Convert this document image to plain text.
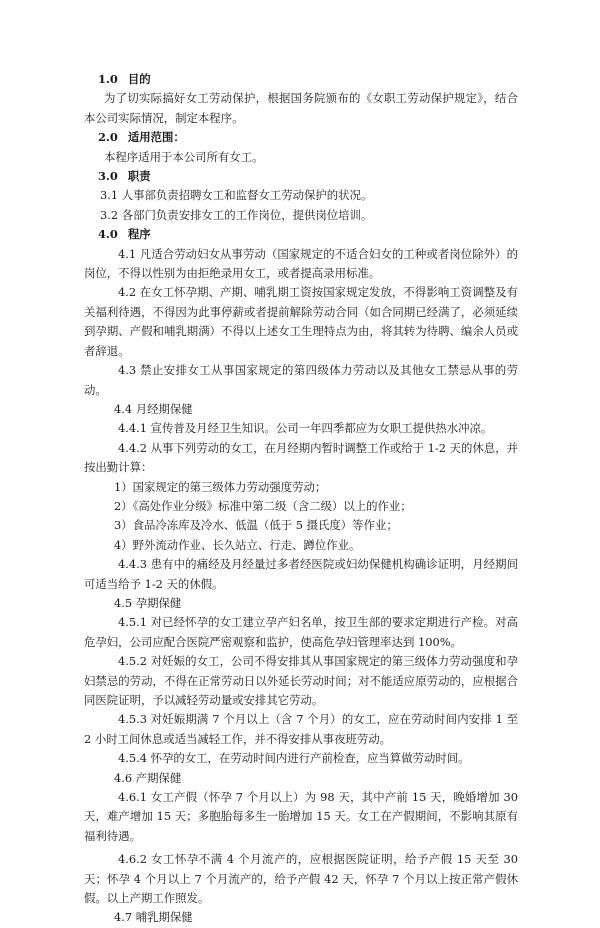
1.0 目的

为了切实际搞好女工劳动保护，根据国务院颁布的《女职工劳动保护规定》，结合本公司实际情况，制定本程序。

2.0 适用范围：

本程序适用于本公司所有女工。

3.0 职责

3.1 人事部负责招聘女工和监督女工劳动保护的状况。

3.2 各部门负责安排女工的工作岗位，提供岗位培训。

4.0 程序

4.1 凡适合劳动妇女从事劳动（国家规定的不适合妇女的工种或者岗位除外）的岗位，不得以性别为由拒绝录用女工，或者提高录用标准。

4.2 在女工怀孕期、产期、哺乳期工资按国家规定发放，不得影响工资调整及有关福利待遇，不得因为此事停薪或者提前解除劳动合同（如合同期已经满了，必须延续到孕期、产假和哺乳期满）不得以上述女工生理特点为由，将其转为待聘、编余人员或者辞退。

4.3 禁止安排女工从事国家规定的第四级体力劳动以及其他女工禁忌从事的劳动。

4.4 月经期保健

4.4.1 宣传普及月经卫生知识。公司一年四季都应为女职工提供热水冲凉。

4.4.2 从事下列劳动的女工，在月经期内暂时调整工作或给于 1-2 天的休息，并按出勤计算：

1）国家规定的第三级体力劳动强度劳动；

2）《高处作业分级》标准中第二级（含二级）以上的作业；

3）食品冷冻库及冷水、低温（低于 5 摄氏度）等作业；

4）野外流动作业、长久站立、行走、蹲位作业。

4.4.3 患有中的痛经及月经量过多者经医院或妇幼保健机构确诊证明，月经期间可适当给予 1-2 天的休假。

4.5 孕期保健

4.5.1 对已经怀孕的女工建立孕产妇名单，按卫生部的要求定期进行产检。对高危孕妇，公司应配合医院严密观察和监护，使高危孕妇管理率达到 100%。

4.5.2 对妊娠的女工，公司不得安排其从事国家规定的第三级体力劳动强度和孕妇禁忌的劳动，不得在正常劳动日以外延长劳动时间；对不能适应原劳动的，应根据合同医院证明，予以减轻劳动量或安排其它劳动。

4.5.3 对妊娠期满 7 个月以上（含 7 个月）的女工，应在劳动时间内安排 1 至 2 小时工间休息或适当减轻工作，并不得安排从事夜班劳动。

4.5.4 怀孕的女工，在劳动时间内进行产前检查，应当算做劳动时间。

4.6 产期保健

4.6.1 女工产假（怀孕 7 个月以上）为 98 天，其中产前 15 天，晚婚增加 30 天，难产增加 15 天；多胞胎每多生一胎增加 15 天。女工在产假期间，不影响其原有福利待遇。

4.6.2 女工怀孕不满 4 个月流产的，应根据医院证明，给予产假 15 天至 30 天；怀孕 4 个月以上 7 个月流产的，给予产假 42 天，怀孕 7 个月以上按正常产假休假。以上产期工作照发。

4.7 哺乳期保健
